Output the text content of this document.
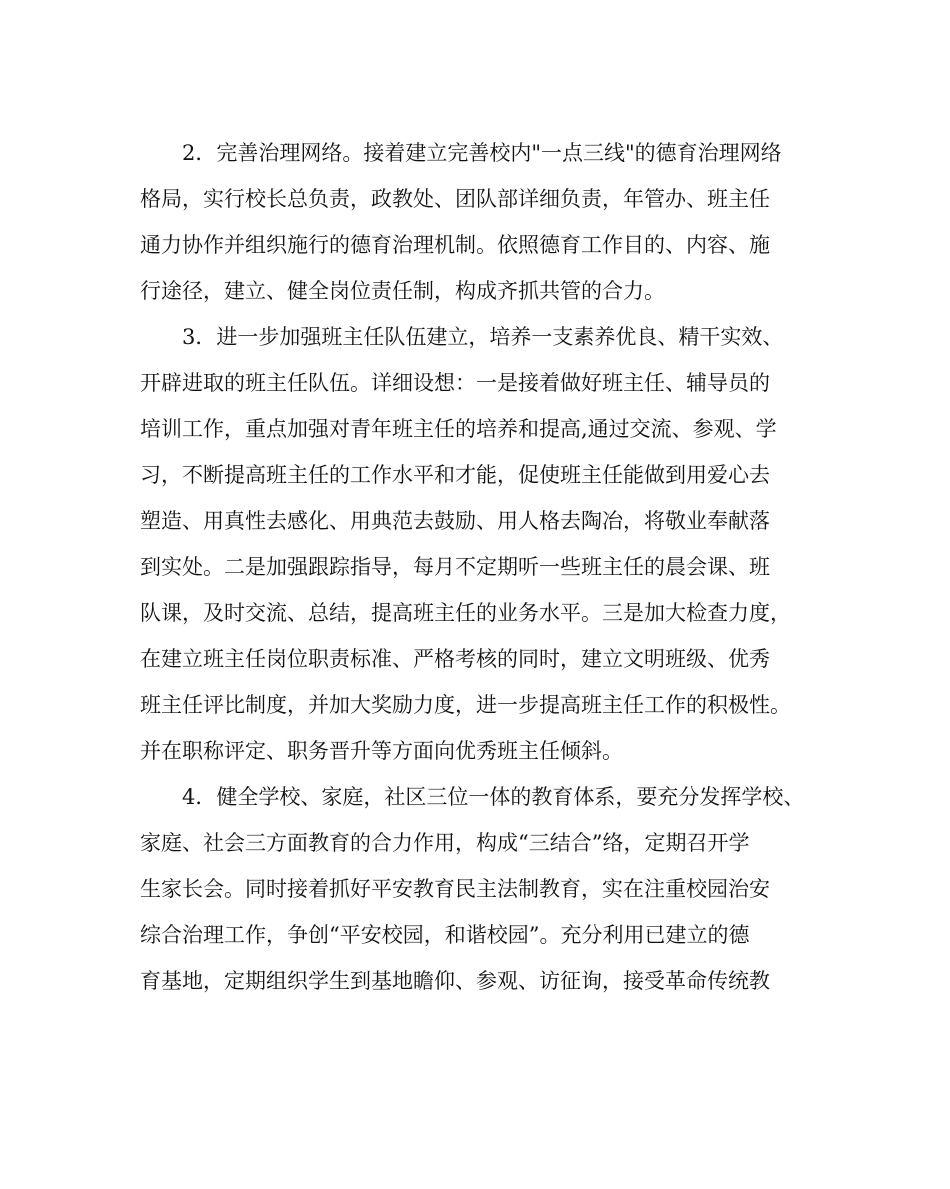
　　2．完善治理网络。接着建立完善校内"一点三线"的德育治理网络
格局，实行校长总负责，政教处、团队部详细负责，年管办、班主任
通力协作并组织施行的德育治理机制。依照德育工作目的、内容、施
行途径，建立、健全岗位责任制，构成齐抓共管的合力。
　　3．进一步加强班主任队伍建立，培养一支素养优良、精干实效、
开辟进取的班主任队伍。详细设想：一是接着做好班主任、辅导员的
培训工作，重点加强对青年班主任的培养和提高,通过交流、参观、学
习，不断提高班主任的工作水平和才能，促使班主任能做到用爱心去
塑造、用真性去感化、用典范去鼓励、用人格去陶冶，将敬业奉献落
到实处。二是加强跟踪指导，每月不定期听一些班主任的晨会课、班
队课，及时交流、总结，提高班主任的业务水平。三是加大检查力度，
在建立班主任岗位职责标准、严格考核的同时，建立文明班级、优秀
班主任评比制度，并加大奖励力度，进一步提高班主任工作的积极性。
并在职称评定、职务晋升等方面向优秀班主任倾斜。
　　4．健全学校、家庭，社区三位一体的教育体系，要充分发挥学校、
家庭、社会三方面教育的合力作用，构成“三结合”络，定期召开学
生家长会。同时接着抓好平安教育民主法制教育，实在注重校园治安
综合治理工作，争创“平安校园，和谐校园”。充分利用已建立的德
育基地，定期组织学生到基地瞻仰、参观、访征询，接受革命传统教
